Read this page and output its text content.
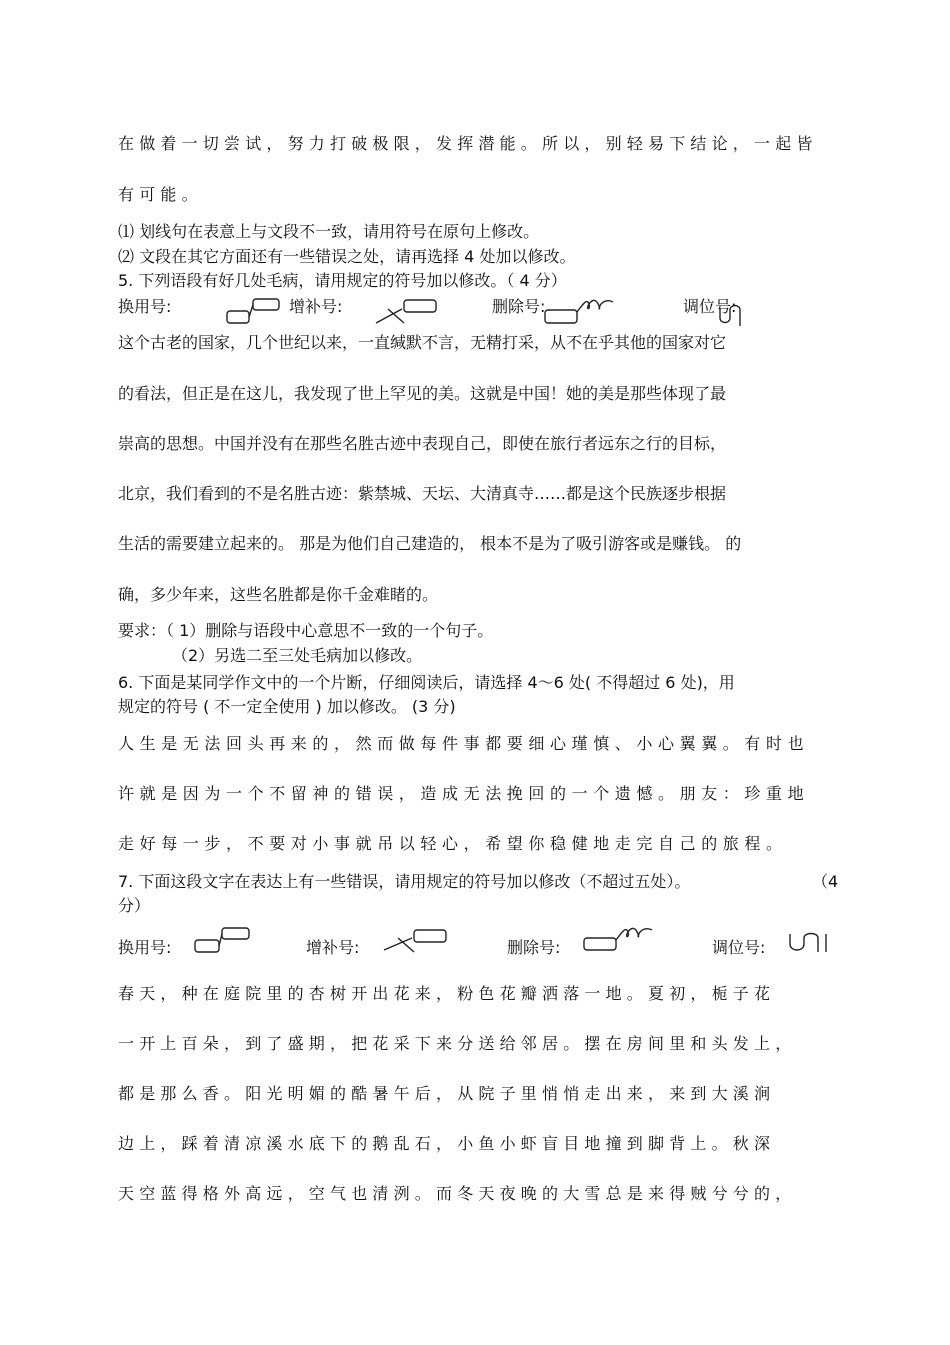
在做着一切尝试，努力打破极限，发挥潜能。所以，别轻易下结论，一起皆
有可能。
⑴ 划线句在表意上与文段不一致，请用符号在原句上修改。
⑵ 文段在其它方面还有一些错误之处，请再选择 4 处加以修改。
5. 下列语段有好几处毛病，请用规定的符号加以修改。（ 4 分）
换用号:	增补号:	删除号:	调位号:
这个古老的国家，几个世纪以来，一直缄默不言，无精打采，从不在乎其他的国家对它
的看法，但正是在这儿，我发现了世上罕见的美。这就是中国！她的美是那些体现了最
崇高的思想。中国并没有在那些名胜古迹中表现自己，即使在旅行者远东之行的目标，
北京，我们看到的不是名胜古迹：紫禁城、天坛、大清真寺……都是这个民族逐步根据
生活的需要建立起来的。 那是为他们自己建造的， 根本不是为了吸引游客或是赚钱。 的
确，多少年来，这些名胜都是你千金难睹的。
要求：（ 1）删除与语段中心意思不一致的一个句子。
（2）另选二至三处毛病加以修改。
6. 下面是某同学作文中的一个片断，仔细阅读后，请选择 4～6 处( 不得超过 6 处)，用
规定的符号 ( 不一定全使用 ) 加以修改。 (3 分)
人生是无法回头再来的，然而做每件事都要细心瑾慎、小心翼翼。有时也
许就是因为一个不留神的错误，造成无法挽回的一个遗憾。朋友：珍重地
走好每一步，不要对小事就吊以轻心，希望你稳健地走完自己的旅程。
7. 下面这段文字在表达上有一些错误，请用规定的符号加以修改（不超过五处）。	（4
分）
换用号:	增补号:	删除号:	调位号:
春天，种在庭院里的杏树开出花来，粉色花瓣洒落一地。夏初，栀子花
一开上百朵，到了盛期，把花采下来分送给邻居。摆在房间里和头发上，
都是那么香。阳光明媚的酷暑午后，从院子里悄悄走出来，来到大溪涧
边上，踩着清凉溪水底下的鹅乱石，小鱼小虾盲目地撞到脚背上。秋深
天空蓝得格外高远，空气也清洌。而冬天夜晚的大雪总是来得贼兮兮的，
